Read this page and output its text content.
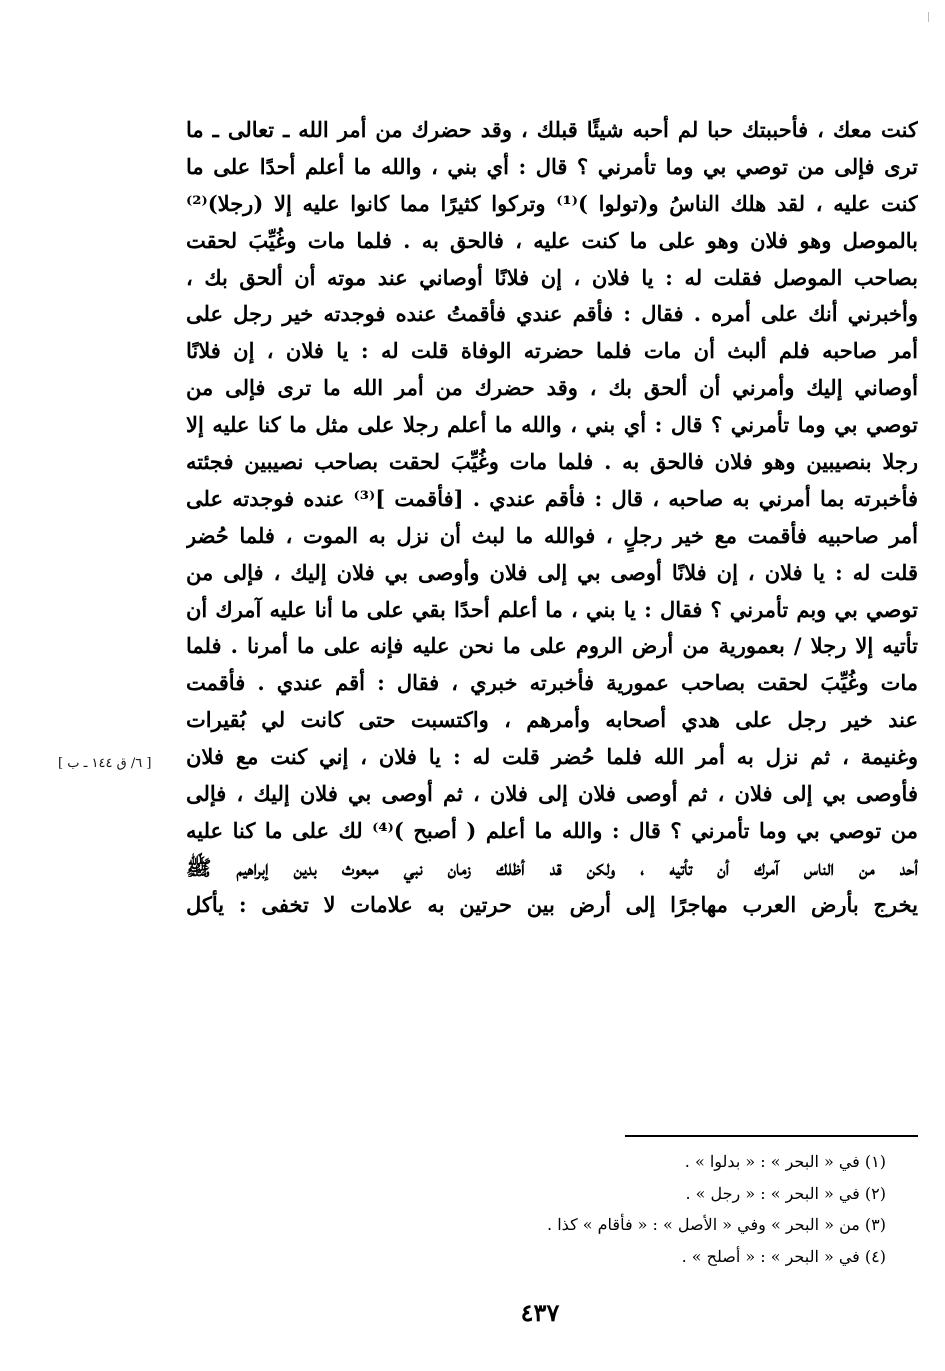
كنت معك ، فأحببتك حبا لم أحبه شيئًا قبلك ، وقد حضرك من أمر الله ـ تعالى ـ ما
ترى فإلى من توصي بي وما تأمرني ؟ قال : أي بني ، والله ما أعلم أحدًا على ما
كنت عليه ، لقد هلك الناسُ و(تولوا )⁽¹⁾ وتركوا كثيرًا مما كانوا عليه إلا (رجلا)⁽²⁾
بالموصل وهو فلان وهو على ما كنت عليه ، فالحق به . فلما مات وغُيِّبَ لحقت
بصاحب الموصل فقلت له : يا فلان ، إن فلانًا أوصاني عند موته أن ألحق بك ،
وأخبرني أنك على أمره . فقال : فأقم عندي فأقمتُ عنده فوجدته خير رجل على
أمر صاحبه فلم ألبث أن مات فلما حضرته الوفاة قلت له : يا فلان ، إن فلانًا
أوصاني إليك وأمرني أن ألحق بك ، وقد حضرك من أمر الله ما ترى فإلى من
توصي بي وما تأمرني ؟ قال : أي بني ، والله ما أعلم رجلا على مثل ما كنا عليه إلا
رجلا بنصيبين وهو فلان فالحق به . فلما مات وغُيِّبَ لحقت بصاحب نصيبين فجئته
فأخبرته بما أمرني به صاحبه ، قال : فأقم عندي . [فأقمت ]⁽³⁾ عنده فوجدته على
أمر صاحبيه فأقمت مع خير رجلٍ ، فوالله ما لبث أن نزل به الموت ، فلما حُضر
قلت له : يا فلان ، إن فلانًا أوصى بي إلى فلان وأوصى بي فلان إليك ، فإلى من
توصي بي وبم تأمرني ؟ فقال : يا بني ، ما أعلم أحدًا بقي على ما أنا عليه آمرك أن
تأتيه إلا رجلا / بعمورية من أرض الروم على ما نحن عليه فإنه على ما أمرنا . فلما
مات وغُيِّبَ لحقت بصاحب عمورية فأخبرته خبري ، فقال : أقم عندي . فأقمت
عند خير رجل على هدي أصحابه وأمرهم ، واكتسبت حتى كانت لي بُقيرات
وغنيمة ، ثم نزل به أمر الله فلما حُضر قلت له : يا فلان ، إني كنت مع فلان
فأوصى بي إلى فلان ، ثم أوصى فلان إلى فلان ، ثم أوصى بي فلان إليك ، فإلى
من توصي بي وما تأمرني ؟ قال : والله ما أعلم ( أصبح )⁽⁴⁾ لك على ما كنا عليه
أحد من الناس آمرك أن تأتيه ، ولكن قد أظلك زمان نبي مبعوث بدين إبراهيم ﷺ
يخرج بأرض العرب مهاجرًا إلى أرض بين حرتين به علامات لا تخفى : يأكل
[ ٦/ ق ١٤٤ ـ ب ]
(١) في « البحر » : « بدلوا » .
(٢) في « البحر » : « رجل » .
(٣) من « البحر » وفي « الأصل » : « فأقام » كذا .
(٤) في « البحر » : « أصلح » .
٤٣٧
